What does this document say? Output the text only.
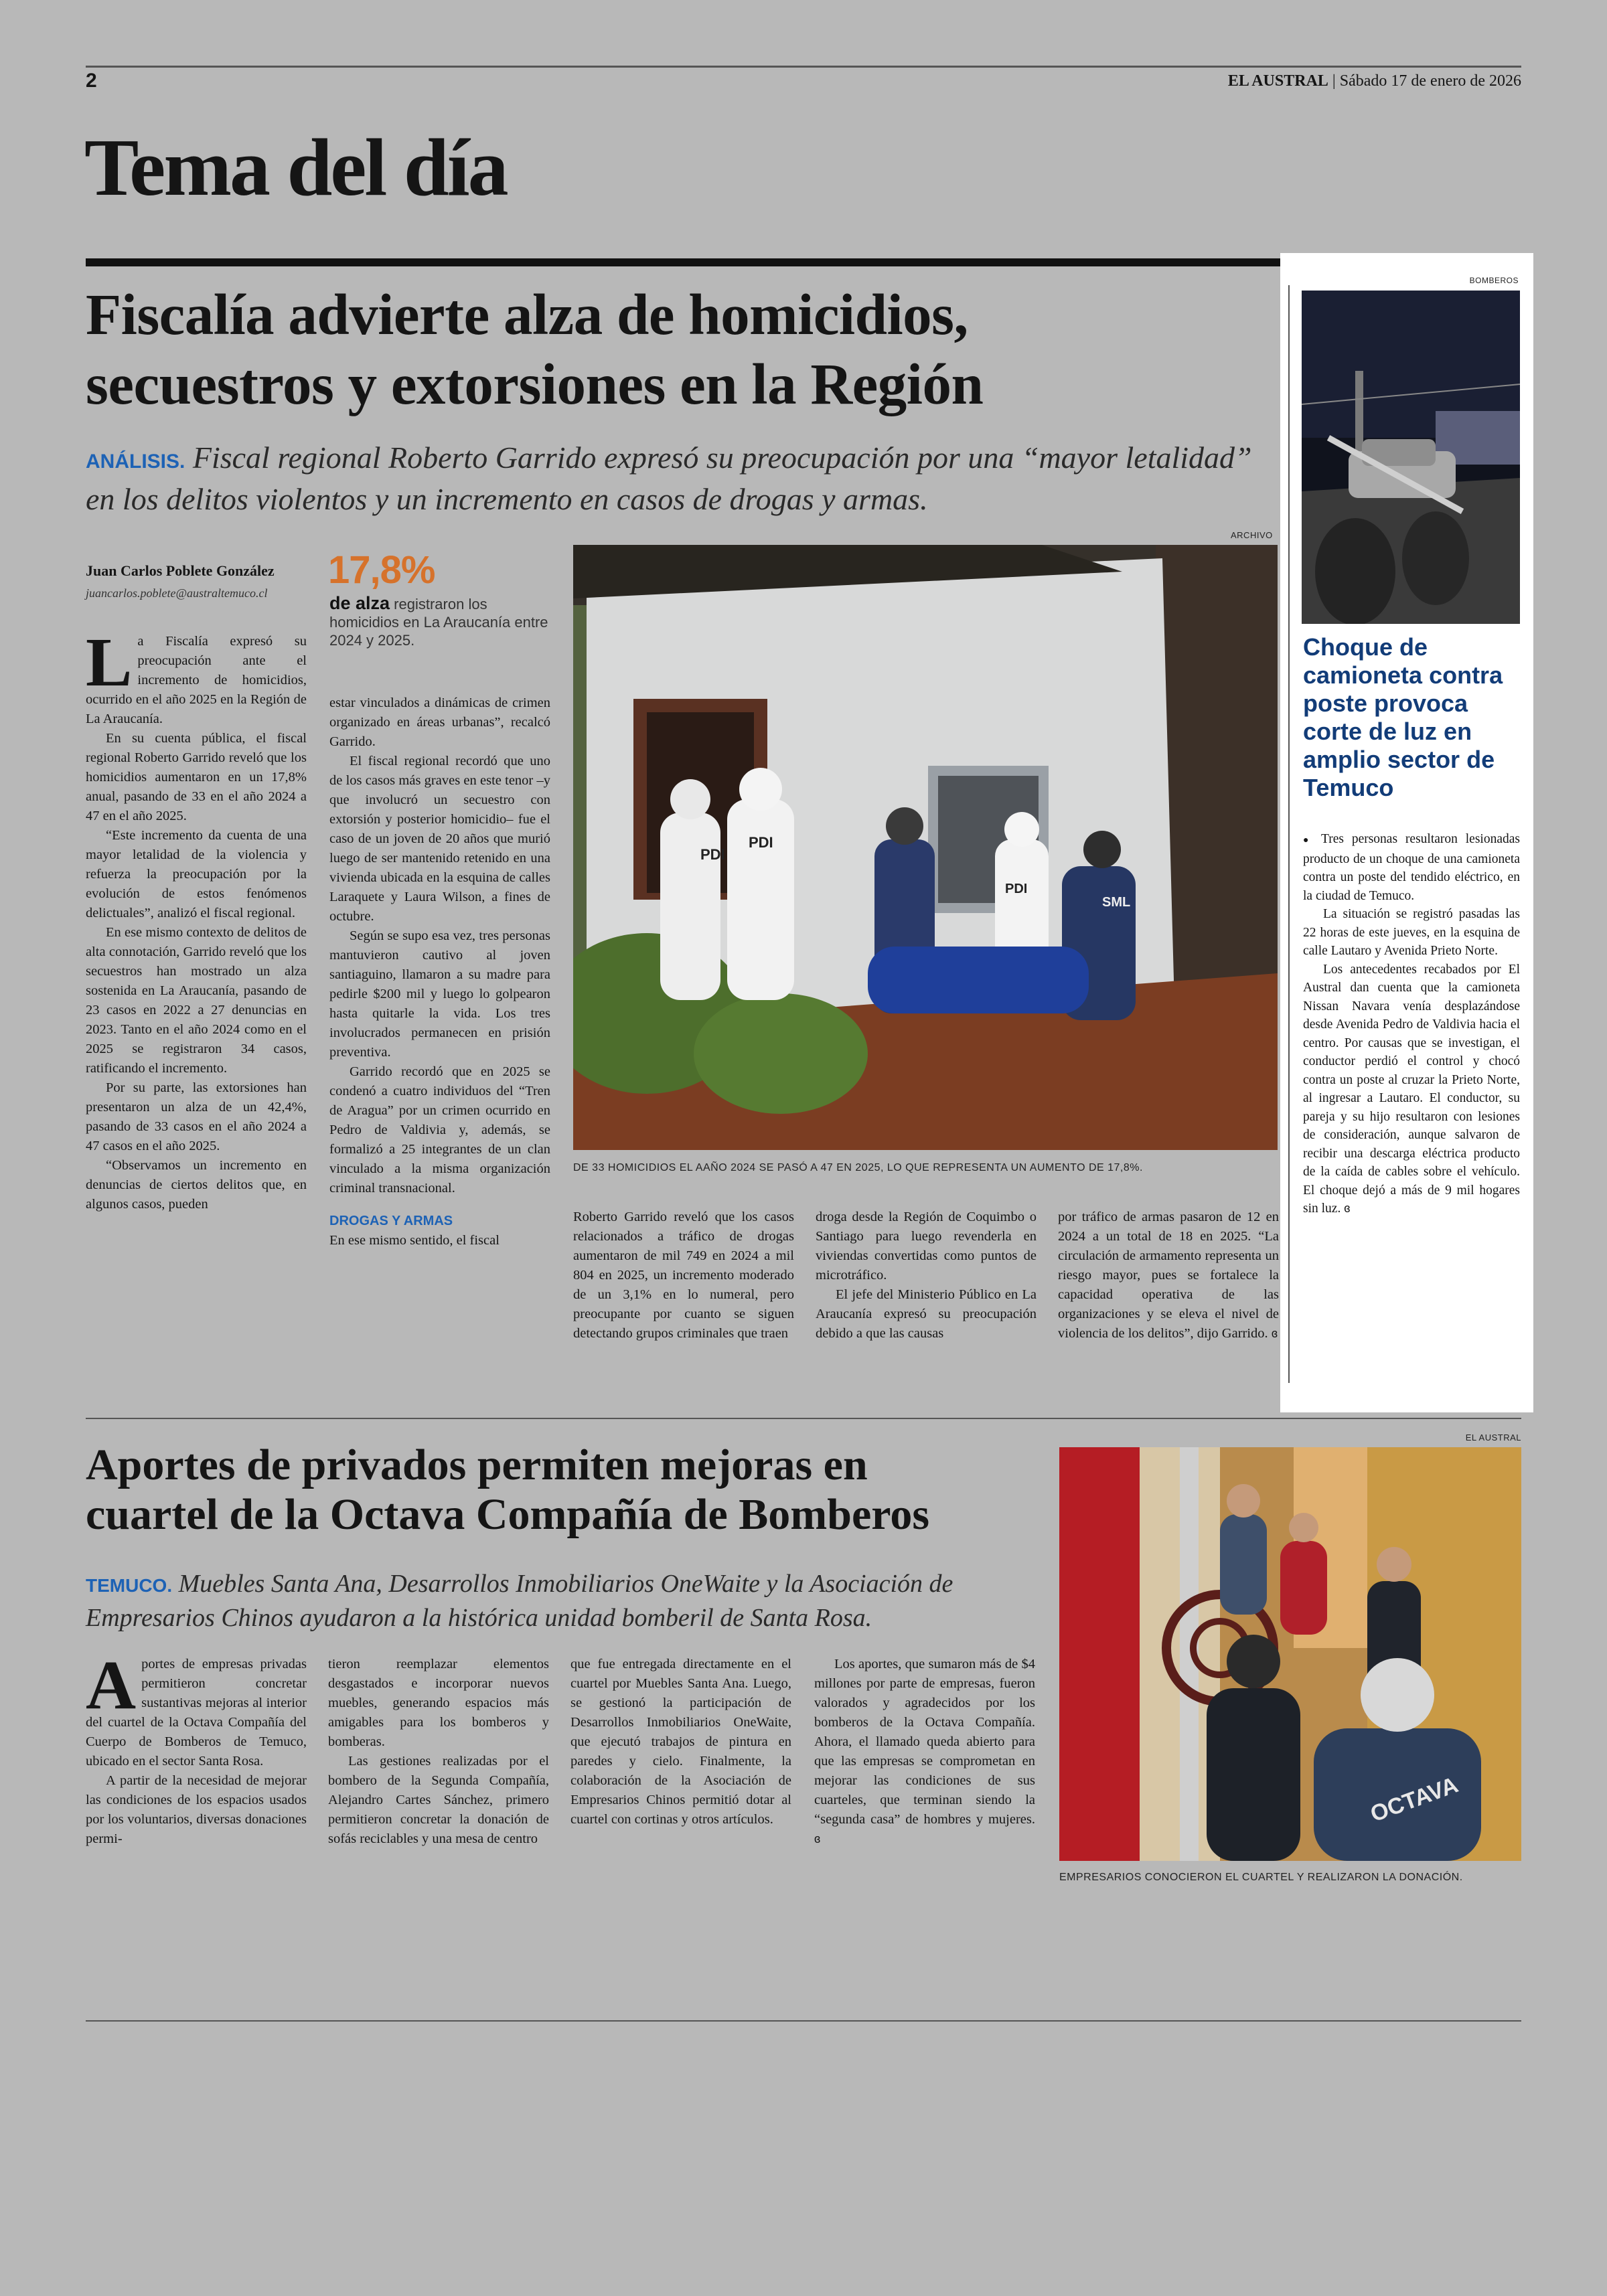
2	EL AUSTRAL | Sábado 17 de enero de 2026
Tema del día
Fiscalía advierte alza de homicidios,
secuestros y extorsiones en la Región
ANÁLISIS. Fiscal regional Roberto Garrido expresó su preocupación por una “mayor letalidad” en los delitos violentos y un incremento en casos de drogas y armas.
Juan Carlos Poblete González
juancarlos.poblete@australtemuco.cl
17,8%
de alza registraron los homicidios en La Araucanía entre 2024 y 2025.

La Fiscalía expresó su preocupación ante el incremento de homicidios, ocurrido en el año 2025 en la Región de La Araucanía.

En su cuenta pública, el fiscal regional Roberto Garrido reveló que los homicidios aumentaron en un 17,8% anual, pasando de 33 en el año 2024 a 47 en el año 2025.

“Este incremento da cuenta de una mayor letalidad de la violencia y refuerza la preocupación por la evolución de estos fenómenos delictuales”, analizó el fiscal regional.

En ese mismo contexto de delitos de alta connotación, Garrido reveló que los secuestros han mostrado un alza sostenida en La Araucanía, pasando de 23 casos en 2022 a 27 denuncias en 2023. Tanto en el año 2024 como en el 2025 se registraron 34 casos, ratificando el incremento.

Por su parte, las extorsiones han presentaron un alza de un 42,4%, pasando de 33 casos en el año 2024 a 47 casos en el año 2025.

“Observamos un incremento en denuncias de ciertos delitos que, en algunos casos, pueden

estar vinculados a dinámicas de crimen organizado en áreas urbanas”, recalcó Garrido.

El fiscal regional recordó que uno de los casos más graves en este tenor –y que involucró un secuestro con extorsión y posterior homicidio– fue el caso de un joven de 20 años que murió luego de ser mantenido retenido en una vivienda ubicada en la esquina de calles Laraquete y Laura Wilson, a fines de octubre.

Según se supo esa vez, tres personas mantuvieron cautivo al joven santiaguino, llamaron a su madre para pedirle $200 mil y luego lo golpearon hasta quitarle la vida. Los tres involucrados permanecen en prisión preventiva.

Garrido recordó que en 2025 se condenó a cuatro individuos del “Tren de Aragua” por un crimen ocurrido en Pedro de Valdivia y, además, se formalizó a 25 integrantes de un clan vinculado a la misma organización criminal transnacional.

DROGAS Y ARMAS

En ese mismo sentido, el fiscal

ARCHIVO
PDI
PDI
PDI
SML
DE 33 HOMICIDIOS EL AAÑO 2024 SE PASÓ A 47 EN 2025, LO QUE REPRESENTA UN AUMENTO DE 17,8%.

Roberto Garrido reveló que los casos relacionados a tráfico de drogas aumentaron de mil 749 en 2024 a mil 804 en 2025, un incremento moderado de un 3,1% en lo numeral, pero preocupante por cuanto se siguen detectando grupos criminales que traen

droga desde la Región de Coquimbo o Santiago para luego revenderla en viviendas convertidas como puntos de microtráfico.

El jefe del Ministerio Público en La Araucanía expresó su preocupación debido a que las causas

por tráfico de armas pasaron de 12 en 2024 a un total de 18 en 2025. “La circulación de armamento representa un riesgo mayor, pues se fortalece la capacidad operativa de las organizaciones y se eleva el nivel de violencia de los delitos”, dijo Garrido. ɞ

BOMBEROS
Choque de camioneta contra poste provoca corte de luz en amplio sector de Temuco

● Tres personas resultaron lesionadas producto de un choque de una camioneta contra un poste del tendido eléctrico, en la ciudad de Temuco.

La situación se registró pasadas las 22 horas de este jueves, en la esquina de calle Lautaro y Avenida Prieto Norte.

Los antecedentes recabados por El Austral dan cuenta que la camioneta Nissan Navara venía desplazándose desde Avenida Pedro de Valdivia hacia el centro. Por causas que se investigan, el conductor perdió el control y chocó contra un poste al cruzar la Prieto Norte, al ingresar a Lautaro. El conductor, su pareja y su hijo resultaron con lesiones de consideración, aunque salvaron de recibir una descarga eléctrica producto de la caída de cables sobre el vehículo. El choque dejó a más de 9 mil hogares sin luz. ɞ

Aportes de privados permiten mejoras en
cuartel de la Octava Compañía de Bomberos
TEMUCO. Muebles Santa Ana, Desarrollos Inmobiliarios OneWaite y la Asociación de Empresarios Chinos ayudaron a la histórica unidad bomberil de Santa Rosa.

Aportes de empresas privadas permitieron concretar sustantivas mejoras al interior del cuartel de la Octava Compañía del Cuerpo de Bomberos de Temuco, ubicado en el sector Santa Rosa.

A partir de la necesidad de mejorar las condiciones de los espacios usados por los voluntarios, diversas donaciones permi-

tieron reemplazar elementos desgastados e incorporar nuevos muebles, generando espacios más amigables para los bomberos y bomberas.

Las gestiones realizadas por el bombero de la Segunda Compañía, Alejandro Cartes Sánchez, primero permitieron concretar la donación de sofás reciclables y una mesa de centro

que fue entregada directamente en el cuartel por Muebles Santa Ana. Luego, se gestionó la participación de Desarrollos Inmobiliarios OneWaite, que ejecutó trabajos de pintura en paredes y cielo. Finalmente, la colaboración de la Asociación de Empresarios Chinos permitió dotar al cuartel con cortinas y otros artículos.

Los aportes, que sumaron más de $4 millones por parte de empresas, fueron valorados y agradecidos por los bomberos de la Octava Compañía. Ahora, el llamado queda abierto para que las empresas se comprometan en mejorar las condiciones de sus cuarteles, que terminan siendo la “segunda casa” de hombres y mujeres. ɞ

EL AUSTRAL
OCTAVA
EMPRESARIOS CONOCIERON EL CUARTEL Y REALIZARON LA DONACIÓN.
